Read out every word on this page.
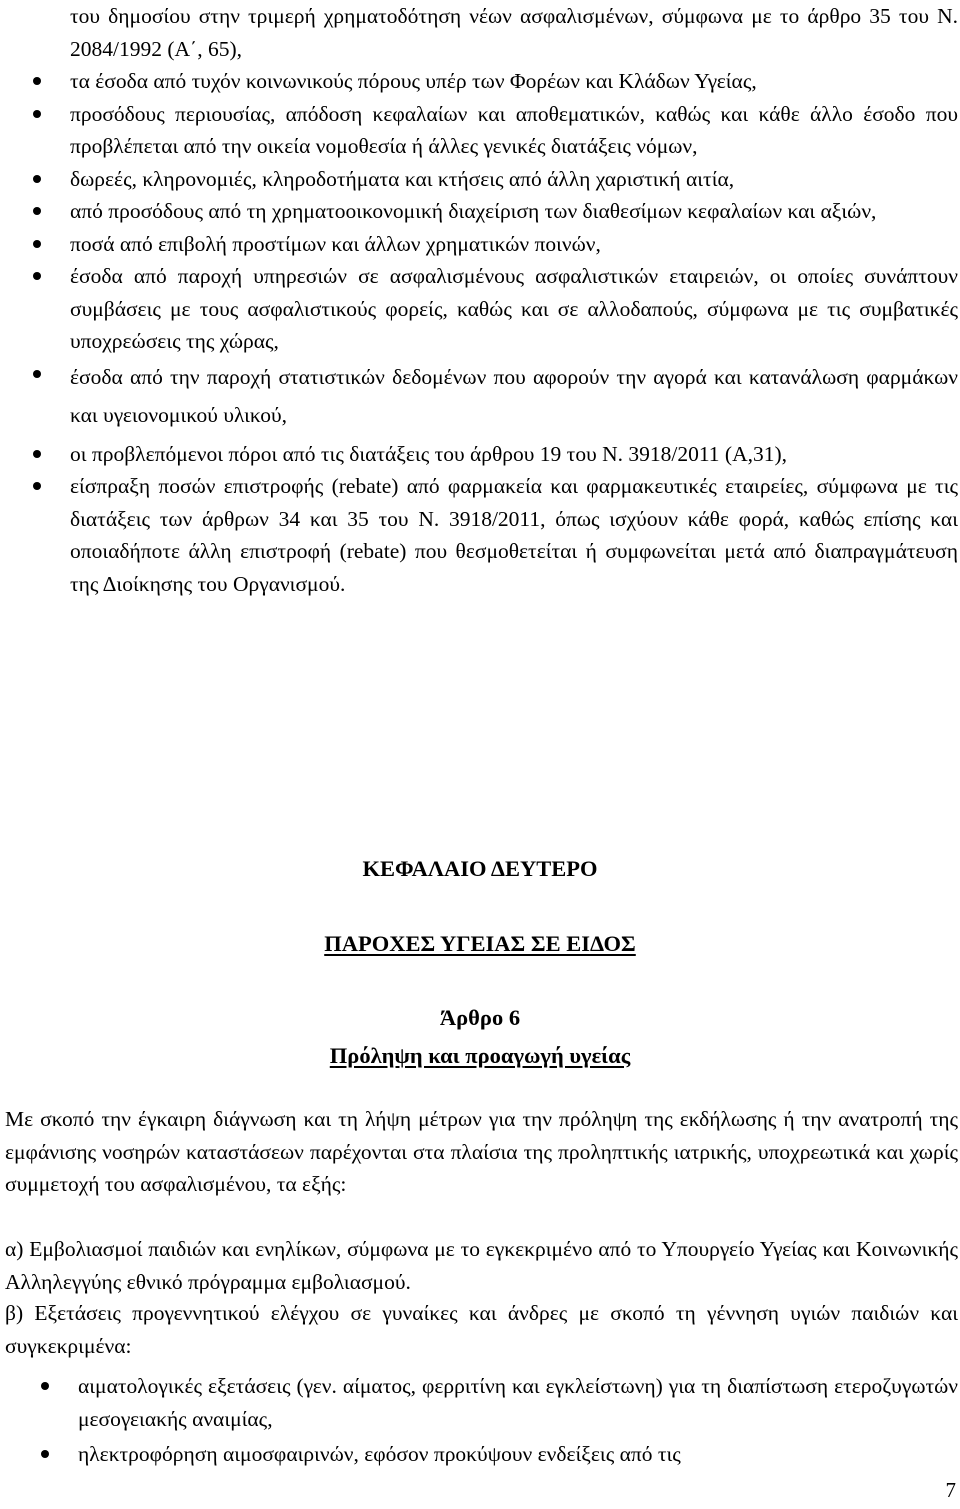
του δημοσίου στην τριμερή χρηματοδότηση νέων ασφαλισμένων, σύμφωνα με το άρθρο 35 του Ν. 2084/1992 (Α΄, 65),
τα έσοδα από τυχόν κοινωνικούς πόρους υπέρ των Φορέων και Κλάδων Υγείας,
προσόδους περιουσίας, απόδοση κεφαλαίων και αποθεματικών, καθώς και κάθε άλλο έσοδο που προβλέπεται από την οικεία νομοθεσία ή άλλες γενικές διατάξεις νόμων,
δωρεές, κληρονομιές, κληροδοτήματα και κτήσεις από άλλη χαριστική αιτία,
από προσόδους από τη χρηματοοικονομική διαχείριση των διαθεσίμων κεφαλαίων και αξιών,
ποσά από επιβολή προστίμων και άλλων χρηματικών ποινών,
έσοδα από παροχή υπηρεσιών σε ασφαλισμένους ασφαλιστικών εταιρειών, οι οποίες συνάπτουν συμβάσεις με τους ασφαλιστικούς φορείς, καθώς και σε αλλοδαπούς, σύμφωνα με τις συμβατικές υποχρεώσεις της χώρας,
έσοδα από την παροχή στατιστικών δεδομένων που αφορούν την αγορά και κατανάλωση φαρμάκων και υγειονομικού υλικού,
οι προβλεπόμενοι πόροι από τις διατάξεις του άρθρου 19 του Ν. 3918/2011 (Α,31),
είσπραξη ποσών επιστροφής (rebate) από φαρμακεία και φαρμακευτικές εταιρείες, σύμφωνα με τις διατάξεις των άρθρων 34 και 35 του Ν. 3918/2011, όπως ισχύουν κάθε φορά, καθώς επίσης και οποιαδήποτε άλλη επιστροφή (rebate) που θεσμοθετείται ή συμφωνείται μετά από διαπραγμάτευση της Διοίκησης του Οργανισμού.
ΚΕΦΑΛΑΙΟ ΔΕΥΤΕΡΟ
ΠΑΡΟΧΕΣ ΥΓΕΙΑΣ ΣΕ ΕΙΔΟΣ
Άρθρο 6
Πρόληψη και προαγωγή υγείας
Με σκοπό την έγκαιρη διάγνωση και τη λήψη μέτρων για την πρόληψη της εκδήλωσης ή την ανατροπή της εμφάνισης νοσηρών καταστάσεων παρέχονται στα πλαίσια της προληπτικής ιατρικής, υποχρεωτικά και χωρίς συμμετοχή του ασφαλισμένου, τα εξής:
α) Εμβολιασμοί παιδιών και ενηλίκων, σύμφωνα με το εγκεκριμένο από το Υπουργείο Υγείας και Κοινωνικής Αλληλεγγύης εθνικό πρόγραμμα εμβολιασμού.
β) Εξετάσεις προγεννητικού ελέγχου σε γυναίκες και άνδρες με σκοπό τη γέννηση υγιών παιδιών και συγκεκριμένα:
αιματολογικές εξετάσεις (γεν. αίματος, φερριτίνη και εγκλείστωνη) για τη διαπίστωση ετεροζυγωτών μεσογειακής αναιμίας,
ηλεκτροφόρηση αιμοσφαιρινών, εφόσον προκύψουν ενδείξεις από τις
7
